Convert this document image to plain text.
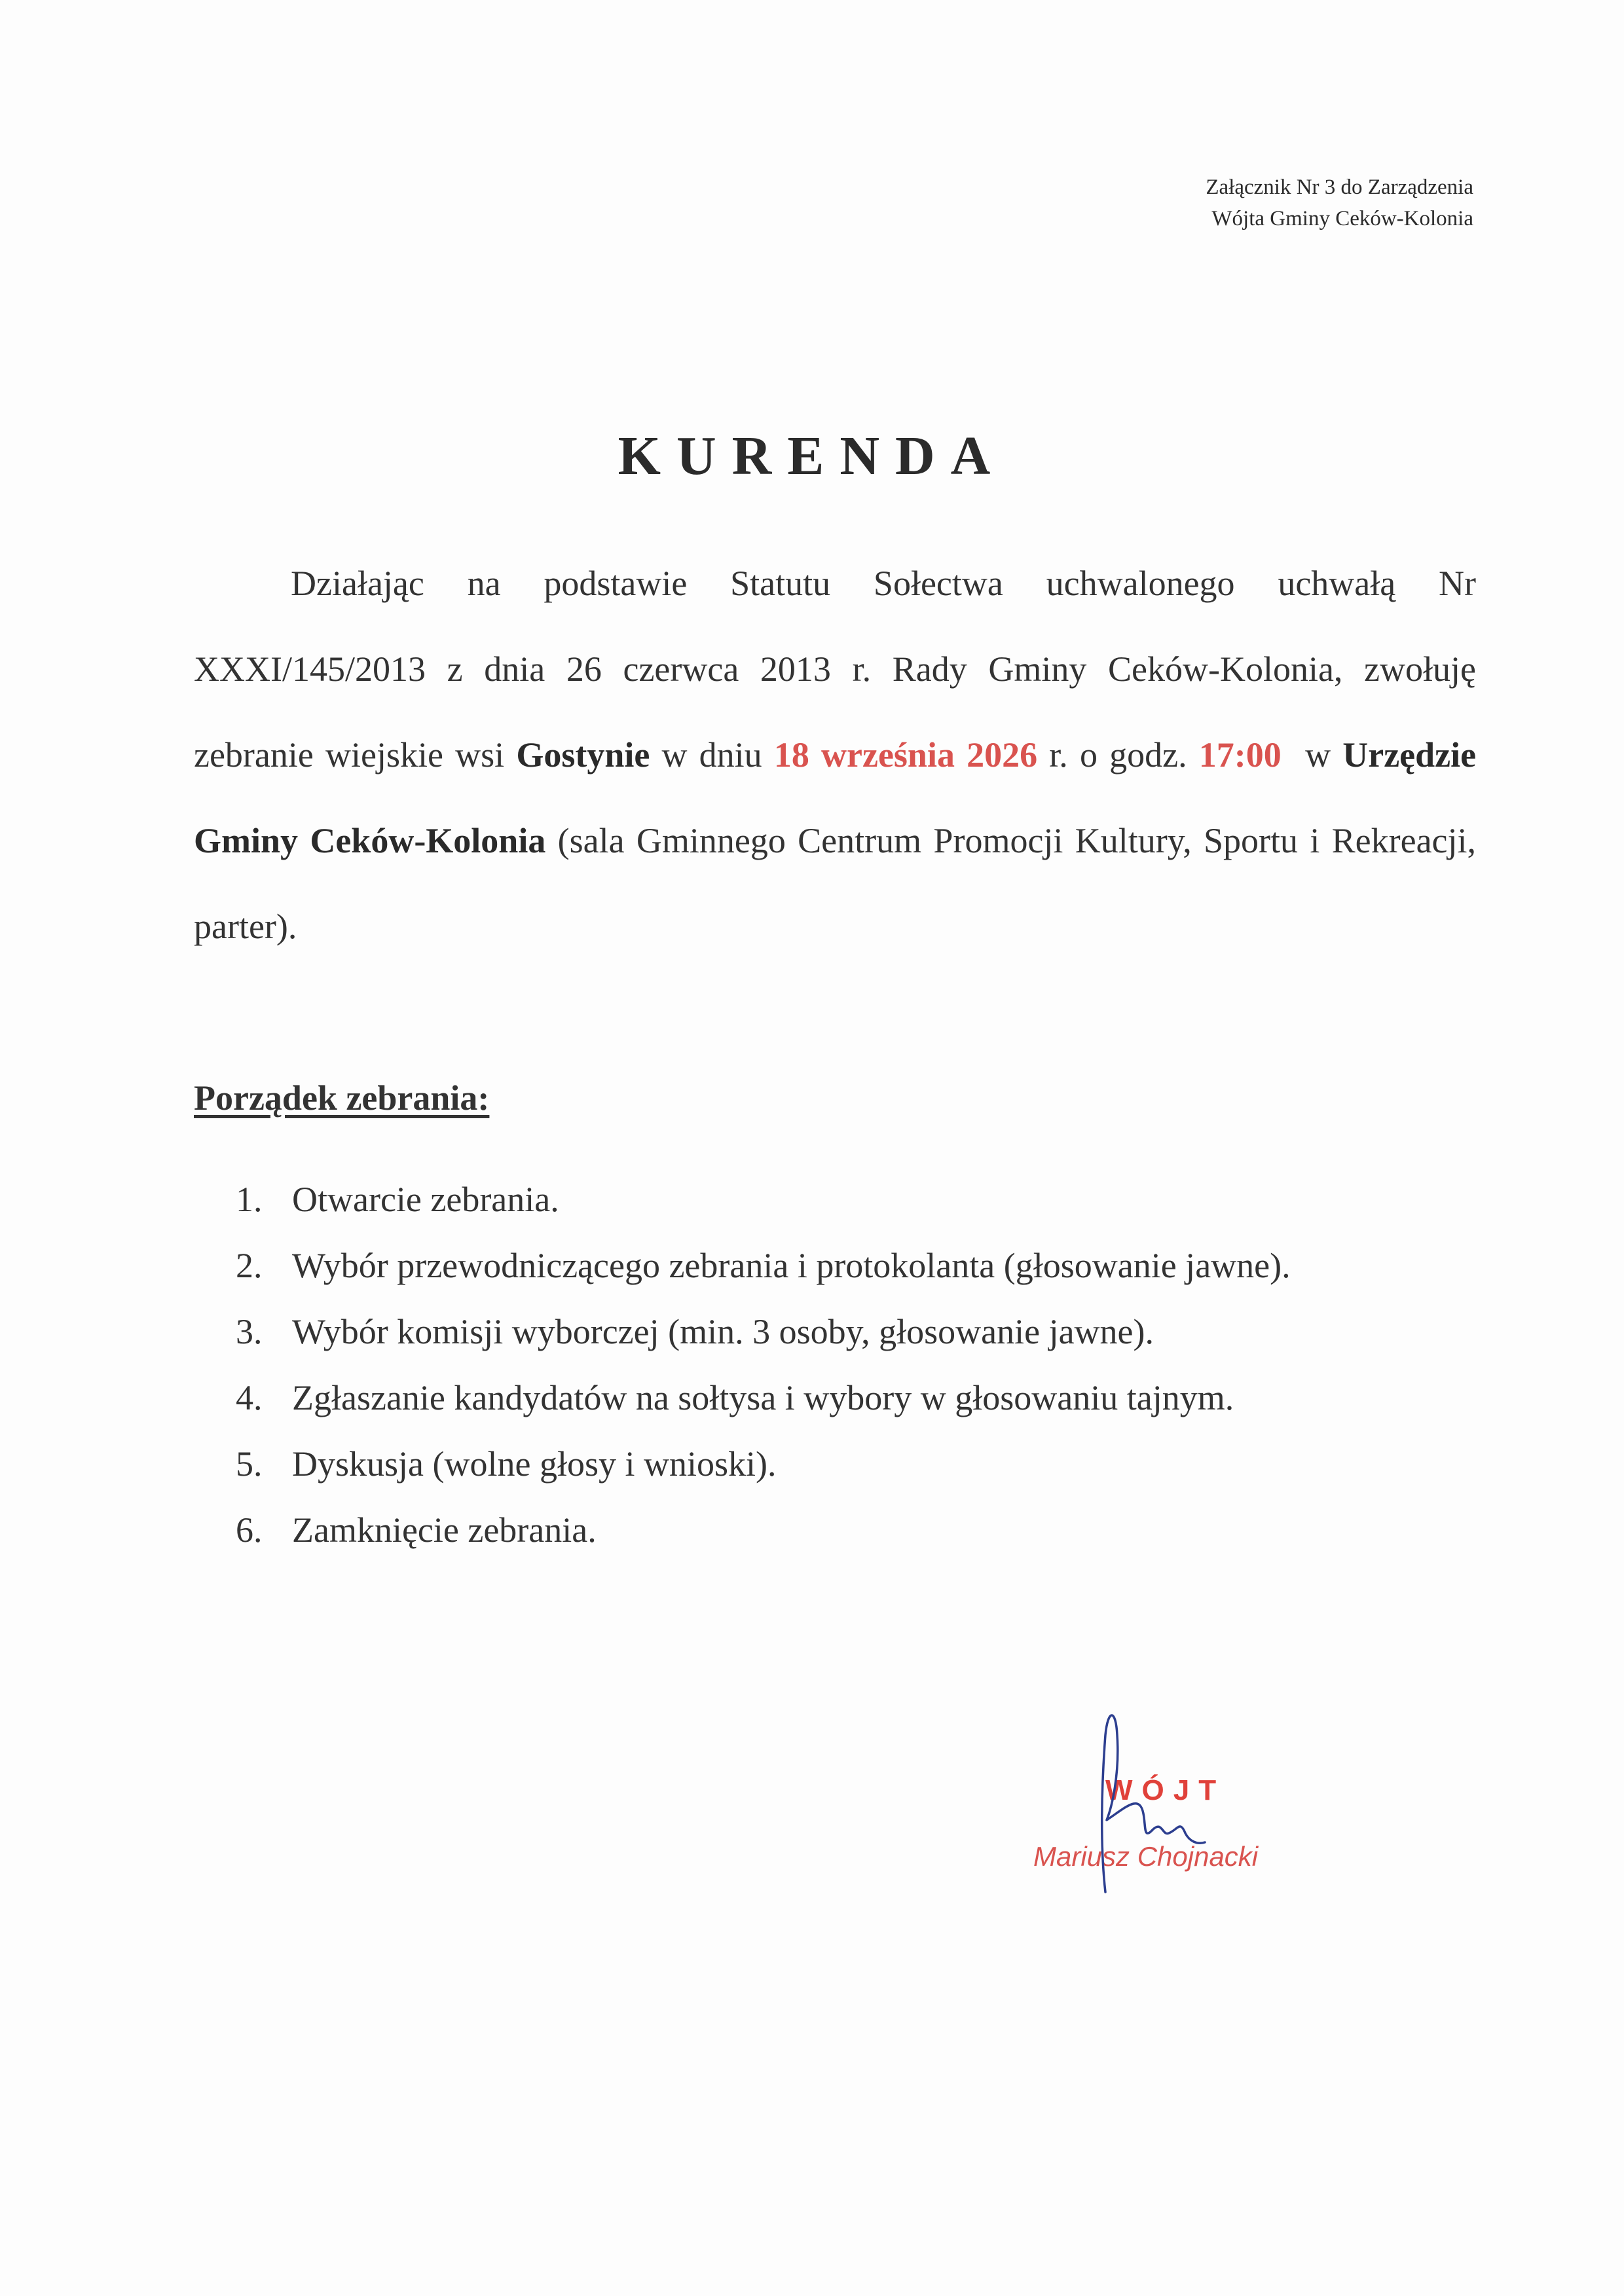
Załącznik Nr 3 do Zarządzenia
Wójta Gminy Ceków-Kolonia
KURENDA
Działając na podstawie Statutu Sołectwa uchwalonego uchwałą Nr XXXI/145/2013 z dnia 26 czerwca 2013 r. Rady Gminy Ceków-Kolonia, zwołuję zebranie wiejskie wsi Gostynie w dniu 18 września 2026 r. o godz. 17:00 w Urzędzie Gminy Ceków-Kolonia (sala Gminnego Centrum Promocji Kultury, Sportu i Rekreacji, parter).
Porządek zebrania:
1. Otwarcie zebrania.
2. Wybór przewodniczącego zebrania i protokolanta (głosowanie jawne).
3. Wybór komisji wyborczej (min. 3 osoby, głosowanie jawne).
4. Zgłaszanie kandydatów na sołtysa i wybory w głosowaniu tajnym.
5. Dyskusja (wolne głosy i wnioski).
6. Zamknięcie zebrania.
WÓJT
Mariusz Chojnacki
